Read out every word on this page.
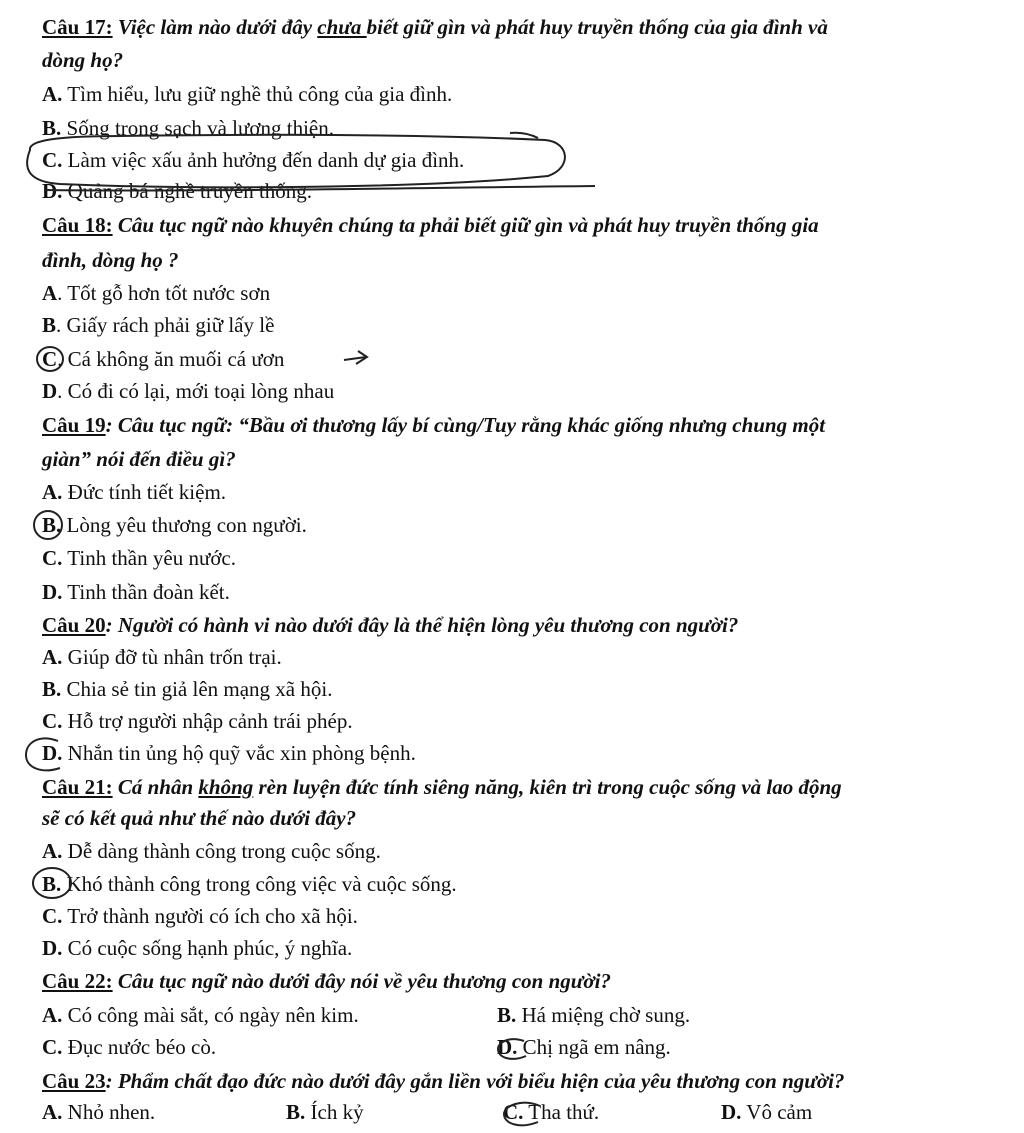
Câu 17: Việc làm nào dưới đây chưa biết giữ gìn và phát huy truyền thống của gia đình và
dòng họ?
A. Tìm hiểu, lưu giữ nghề thủ công của gia đình.
B. Sống trong sạch và lương thiện.
C. Làm việc xấu ảnh hưởng đến danh dự gia đình.
D. Quảng bá nghề truyền thống.
Câu 18: Câu tục ngữ nào khuyên chúng ta phải biết giữ gìn và phát huy truyền thống gia
đình, dòng họ ?
A. Tốt gỗ hơn tốt nước sơn
B. Giấy rách phải giữ lấy lề
C. Cá không ăn muối cá ươn
D. Có đi có lại, mới toại lòng nhau
Câu 19: Câu tục ngữ: “Bầu ơi thương lấy bí cùng/Tuy rằng khác giống nhưng chung một
giàn” nói đến điều gì?
A. Đức tính tiết kiệm.
B. Lòng yêu thương con người.
C. Tinh thần yêu nước.
D. Tinh thần đoàn kết.
Câu 20: Người có hành vi nào dưới đây là thể hiện lòng yêu thương con người?
A. Giúp đỡ tù nhân trốn trại.
B. Chia sẻ tin giả lên mạng xã hội.
C. Hỗ trợ người nhập cảnh trái phép.
D. Nhắn tin ủng hộ quỹ vắc xin phòng bệnh.
Câu 21: Cá nhân không rèn luyện đức tính siêng năng, kiên trì trong cuộc sống và lao động
sẽ có kết quả như thế nào dưới đây?
A. Dễ dàng thành công trong cuộc sống.
B. Khó thành công trong công việc và cuộc sống.
C. Trở thành người có ích cho xã hội.
D. Có cuộc sống hạnh phúc, ý nghĩa.
Câu 22: Câu tục ngữ nào dưới đây nói về yêu thương con người?
A. Có công mài sắt, có ngày nên kim.	B. Há miệng chờ sung.
C. Đục nước béo cò.	D. Chị ngã em nâng.
Câu 23: Phẩm chất đạo đức nào dưới đây gắn liền với biểu hiện của yêu thương con người?
A. Nhỏ nhen.	B. Ích kỷ	C. Tha thứ.	D. Vô cảm
